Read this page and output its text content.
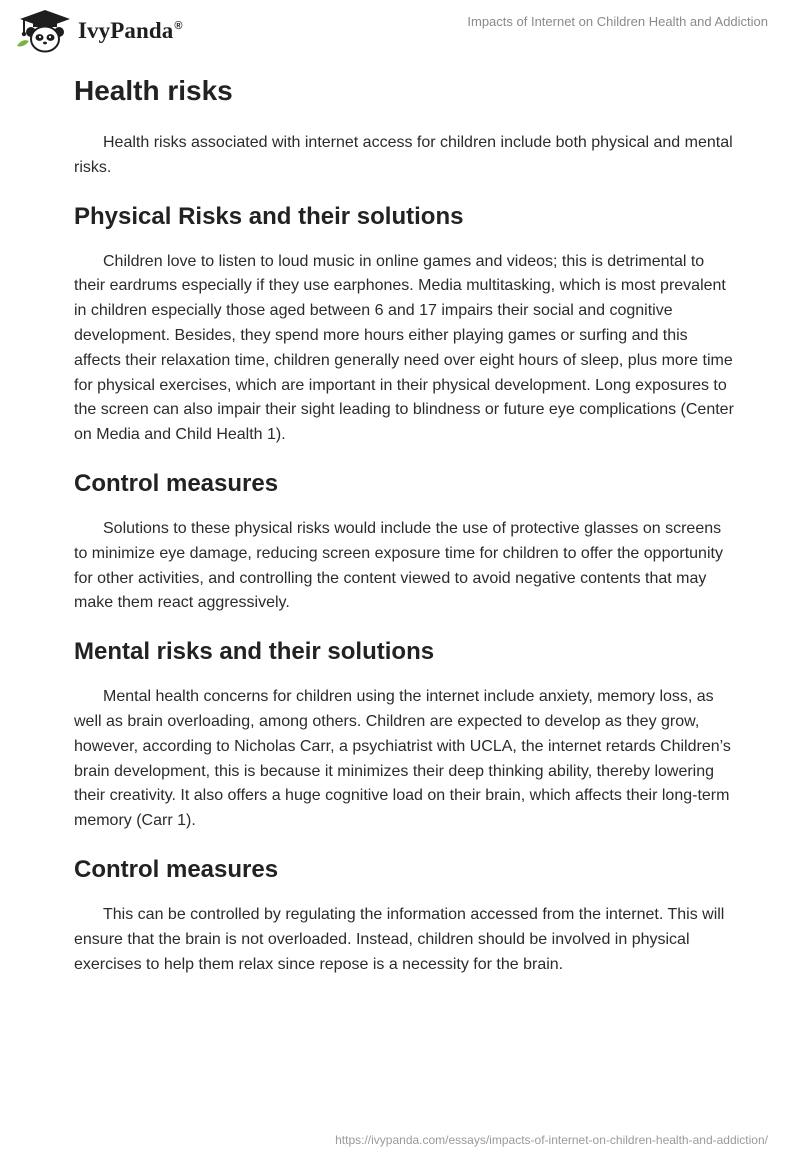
IvyPanda®	Impacts of Internet on Children Health and Addiction
Health risks

Health risks associated with internet access for children include both physical and mental risks.

Physical Risks and their solutions

Children love to listen to loud music in online games and videos; this is detrimental to their eardrums especially if they use earphones. Media multitasking, which is most prevalent in children especially those aged between 6 and 17 impairs their social and cognitive development. Besides, they spend more hours either playing games or surfing and this affects their relaxation time, children generally need over eight hours of sleep, plus more time for physical exercises, which are important in their physical development. Long exposures to the screen can also impair their sight leading to blindness or future eye complications (Center on Media and Child Health 1).

Control measures

Solutions to these physical risks would include the use of protective glasses on screens to minimize eye damage, reducing screen exposure time for children to offer the opportunity for other activities, and controlling the content viewed to avoid negative contents that may make them react aggressively.

Mental risks and their solutions

Mental health concerns for children using the internet include anxiety, memory loss, as well as brain overloading, among others. Children are expected to develop as they grow, however, according to Nicholas Carr, a psychiatrist with UCLA, the internet retards Children’s brain development, this is because it minimizes their deep thinking ability, thereby lowering their creativity. It also offers a huge cognitive load on their brain, which affects their long-term memory (Carr 1).

Control measures

This can be controlled by regulating the information accessed from the internet. This will ensure that the brain is not overloaded. Instead, children should be involved in physical exercises to help them relax since repose is a necessity for the brain.

https://ivypanda.com/essays/impacts-of-internet-on-children-health-and-addiction/
